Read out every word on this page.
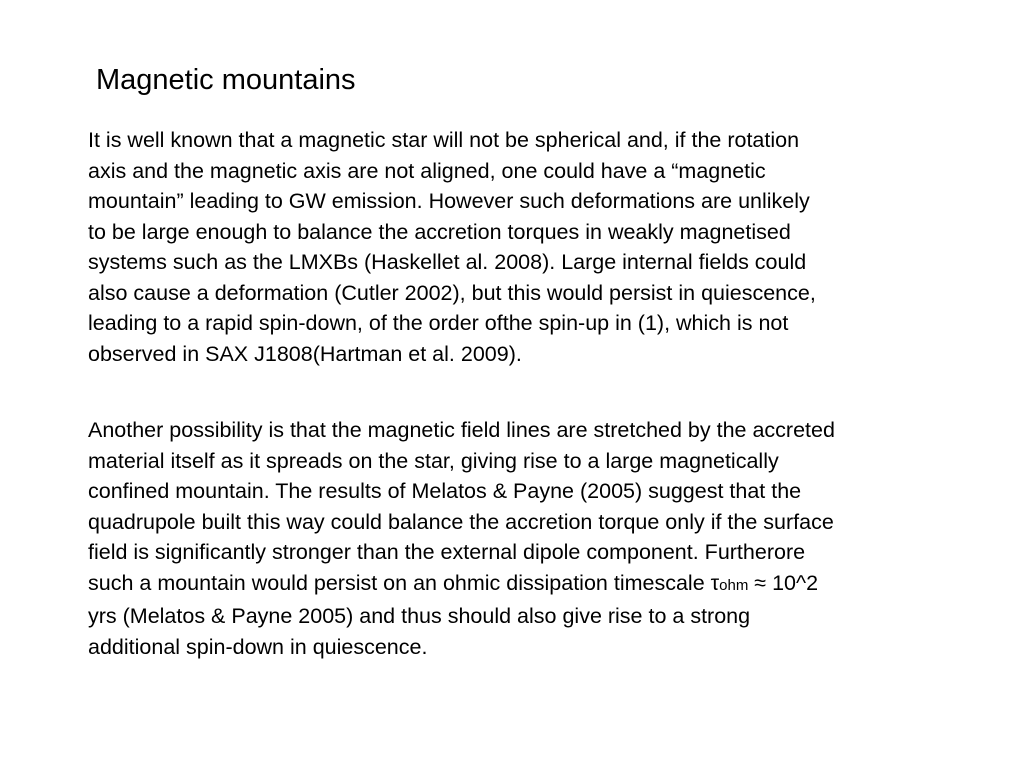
Magnetic mountains

It is well known that a magnetic star will not be spherical and, if the rotation
axis and the magnetic axis are not aligned, one could have a “magnetic
mountain” leading to GW emission. However such deformations are unlikely
to be large enough to balance the accretion torques in weakly magnetised
systems such as the LMXBs (Haskellet al. 2008). Large internal fields could
also cause a deformation (Cutler 2002), but this would persist in quiescence,
leading to a rapid spin-down, of the order ofthe spin-up in (1), which is not
observed in SAX J1808(Hartman et al. 2009).

Another possibility is that the magnetic field lines are stretched by the accreted
material itself as it spreads on the star, giving rise to a large magnetically
confined mountain. The results of Melatos & Payne (2005) suggest that the
quadrupole built this way could balance the accretion torque only if the surface
field is significantly stronger than the external dipole component. Furtherore
such a mountain would persist on an ohmic dissipation timescale τohm ≈ 10^2
yrs (Melatos & Payne 2005) and thus should also give rise to a strong
additional spin-down in quiescence.
